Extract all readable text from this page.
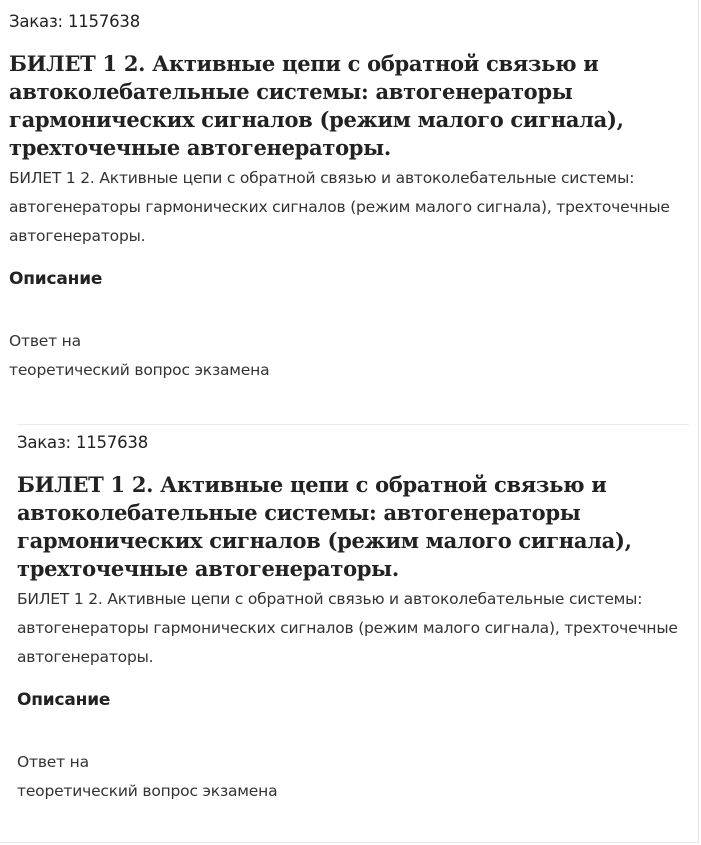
Заказ: 1157638

БИЛЕТ 1 2. Активные цепи с обратной связью и автоколебательные системы: автогенераторы гармонических сигналов (режим малого сигнала), трехточечные автогенераторы.

БИЛЕТ 1 2. Активные цепи с обратной связью и автоколебательные системы: автогенераторы гармонических сигналов (режим малого сигнала), трехточечные автогенераторы.

Описание

Ответ на
теоретический вопрос экзамена

Заказ: 1157638

БИЛЕТ 1 2. Активные цепи с обратной связью и автоколебательные системы: автогенераторы гармонических сигналов (режим малого сигнала), трехточечные автогенераторы.

БИЛЕТ 1 2. Активные цепи с обратной связью и автоколебательные системы: автогенераторы гармонических сигналов (режим малого сигнала), трехточечные автогенераторы.

Описание

Ответ на
теоретический вопрос экзамена
